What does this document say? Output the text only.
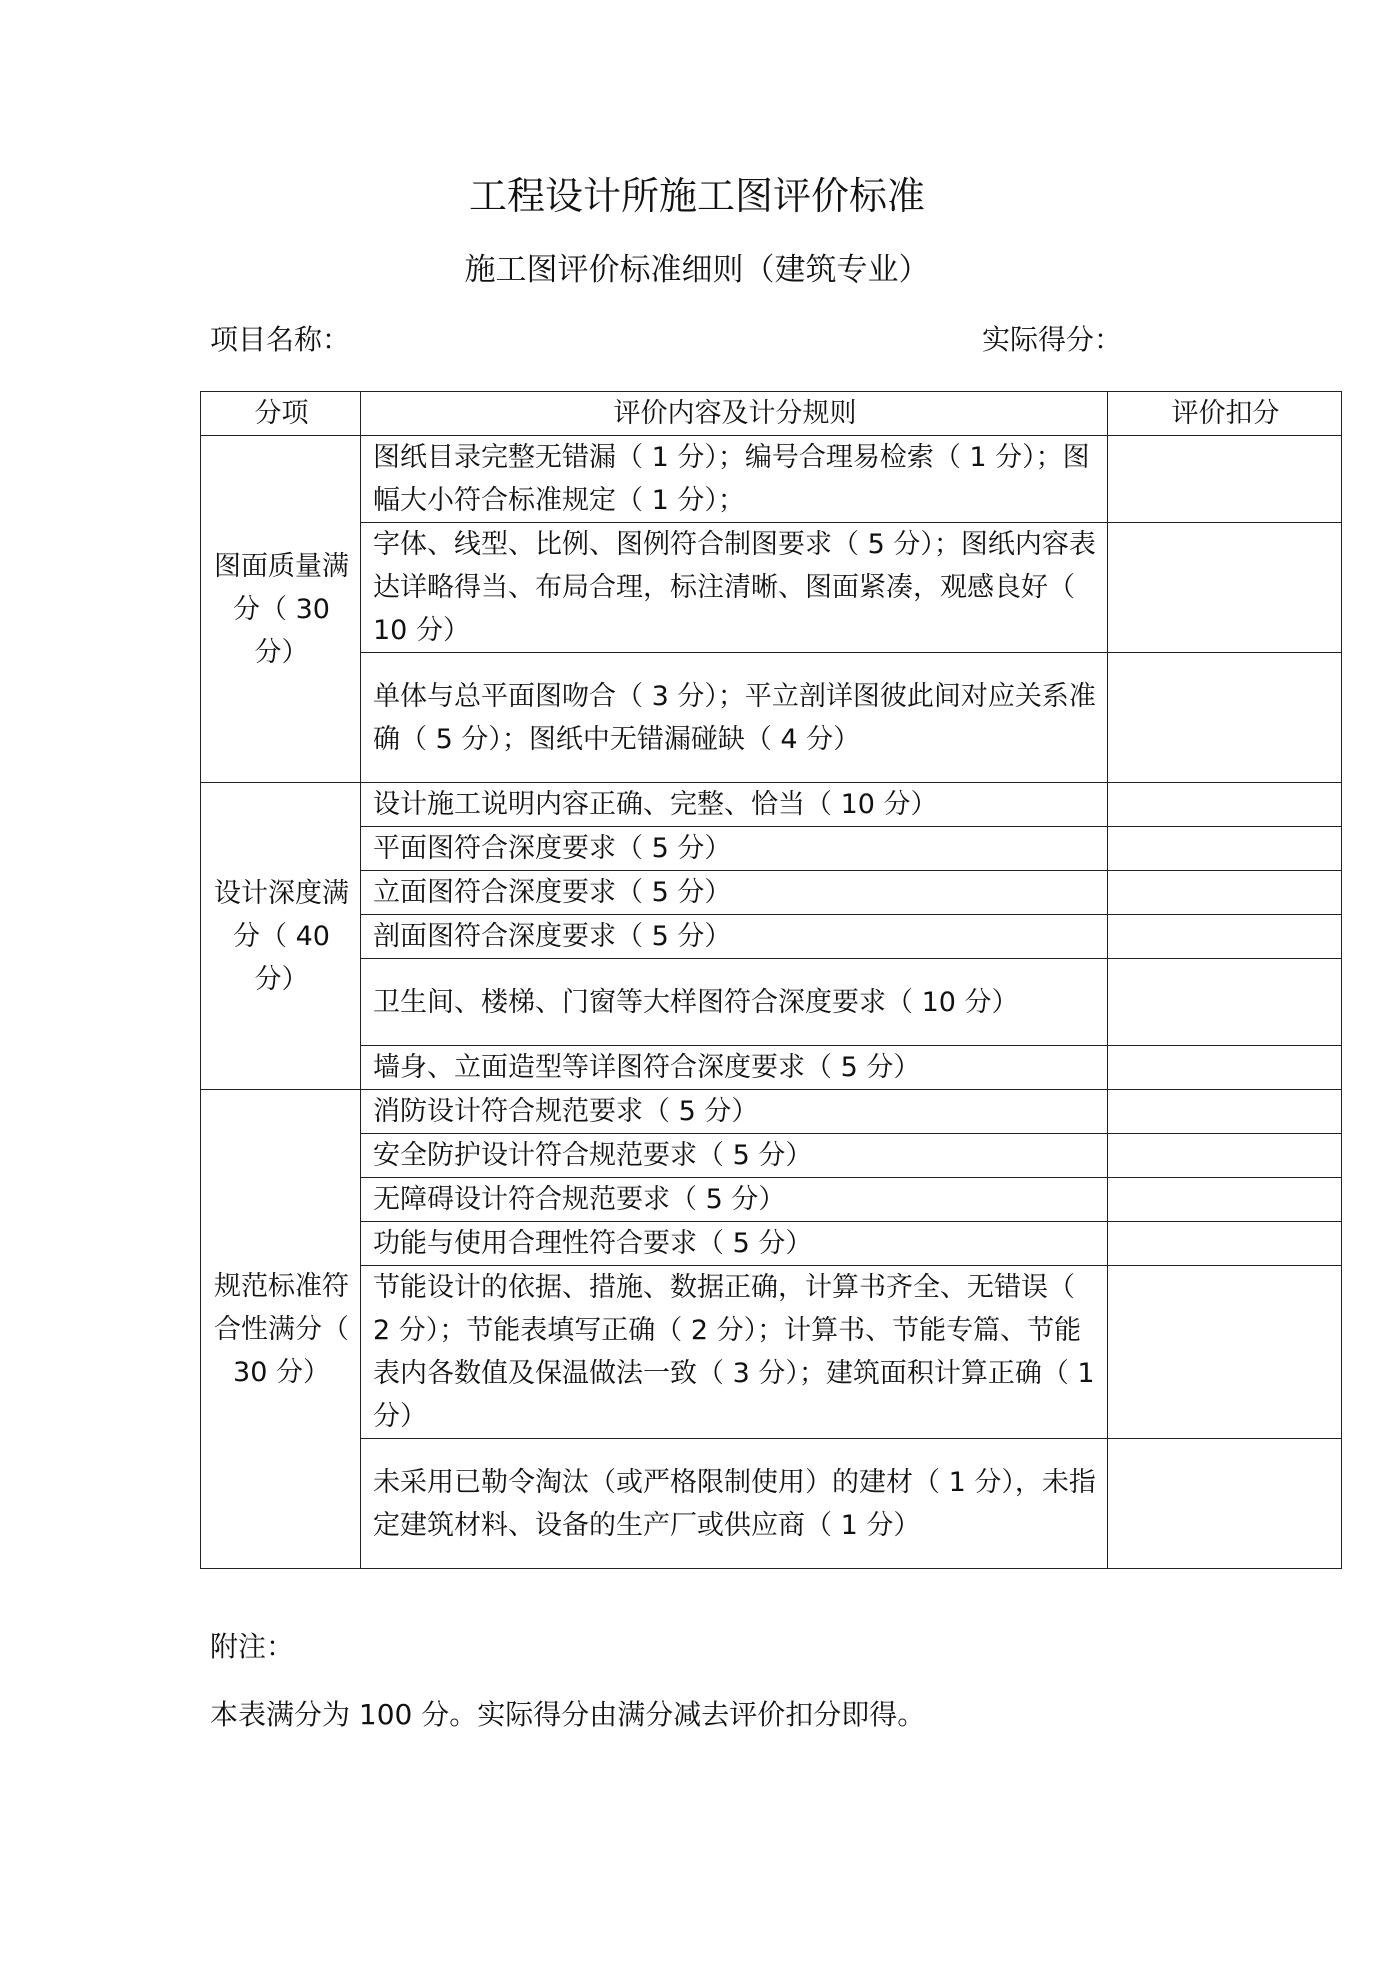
工程设计所施工图评价标准
施工图评价标准细则（建筑专业）
项目名称：	实际得分：
分项	评价内容及计分规则	评价扣分
图面质量满分（ 30 分）	图纸目录完整无错漏（ 1 分）；编号合理易检索（ 1 分）；图幅大小符合标准规定（ 1 分）；	
	字体、线型、比例、图例符合制图要求（ 5 分）；图纸内容表达详略得当、布局合理，标注清晰、图面紧凑，观感良好（ 10 分）	
	单体与总平面图吻合（ 3 分）；平立剖详图彼此间对应关系准确（ 5 分）；图纸中无错漏碰缺（ 4 分）	
设计深度满分（ 40 分）	设计施工说明内容正确、完整、恰当（ 10 分）	
	平面图符合深度要求（ 5 分）	
	立面图符合深度要求（ 5 分）	
	剖面图符合深度要求（ 5 分）	
	卫生间、楼梯、门窗等大样图符合深度要求（ 10 分）	
	墙身、立面造型等详图符合深度要求（ 5 分）	
规范标准符合性满分（ 30 分）	消防设计符合规范要求（ 5 分）	
	安全防护设计符合规范要求（ 5 分）	
	无障碍设计符合规范要求（ 5 分）	
	功能与使用合理性符合要求（ 5 分）	
	节能设计的依据、措施、数据正确，计算书齐全、无错误（ 2 分）；节能表填写正确（ 2 分）；计算书、节能专篇、节能表内各数值及保温做法一致（ 3 分）；建筑面积计算正确（ 1 分）	
	未采用已勒令淘汰（或严格限制使用）的建材（ 1 分），未指定建筑材料、设备的生产厂或供应商（ 1 分）	
附注：
本表满分为 100 分。实际得分由满分减去评价扣分即得。
